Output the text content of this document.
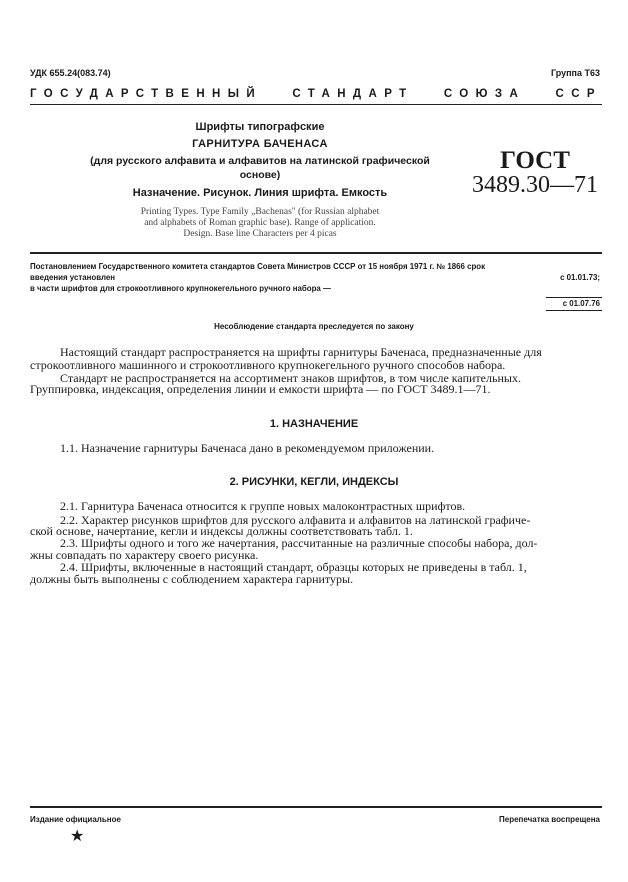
УДК 655.24(083.74)	Группа Т63
ГОСУДАРСТВЕННЫЙ	СТАНДАРТ	СОЮЗА	ССР
Шрифты типографские
ГАРНИТУРА БАЧЕНАСА
(для русского алфавита и алфавитов на латинской графической
основе)
Назначение. Рисунок. Линия шрифта. Емкость
Printing Types. Type Family „Bachenas" (for Russian alphabet
and alphabets of Roman graphic base). Range of application.
Design. Base line Characters per 4 picas
ГОСТ
3489.30—71
Постановлением Государственного комитета стандартов Совета Министров СССР от 15 ноября 1971 г. № 1866 срок
введения установлен	с 01.01.73;
в части шрифтов для строкоотливного крупнокегельного ручного набора —
с 01.07.76
Несоблюдение стандарта преследуется по закону
Настоящий стандарт распространяется на шрифты гарнитуры Баченаса, предназначенные для
строкоотливного машинного и строкоотливного крупнокегельного ручного способов набора.
Стандарт не распространяется на ассортимент знаков шрифтов, в том числе капительных.
Группировка, индексация, определения линии и емкости шрифта — по ГОСТ 3489.1—71.
1. НАЗНАЧЕНИЕ
1.1. Назначение гарнитуры Баченаса дано в рекомендуемом приложении.
2. РИСУНКИ, КЕГЛИ, ИНДЕКСЫ
2.1. Гарнитура Баченаса относится к группе новых малоконтрастных шрифтов.
2.2. Характер рисунков шрифтов для русского алфавита и алфавитов на латинской графиче-
ской основе, начертание, кегли и индексы должны соответствовать табл. 1.
2.3. Шрифты одного и того же начертания, рассчитанные на различные способы набора, дол-
жны совпадать по характеру своего рисунка.
2.4. Шрифты, включенные в настоящий стандарт, образцы которых не приведены в табл. 1,
должны быть выполнены с соблюдением характера гарнитуры.
Издание официальное	Перепечатка воспрещена
★
